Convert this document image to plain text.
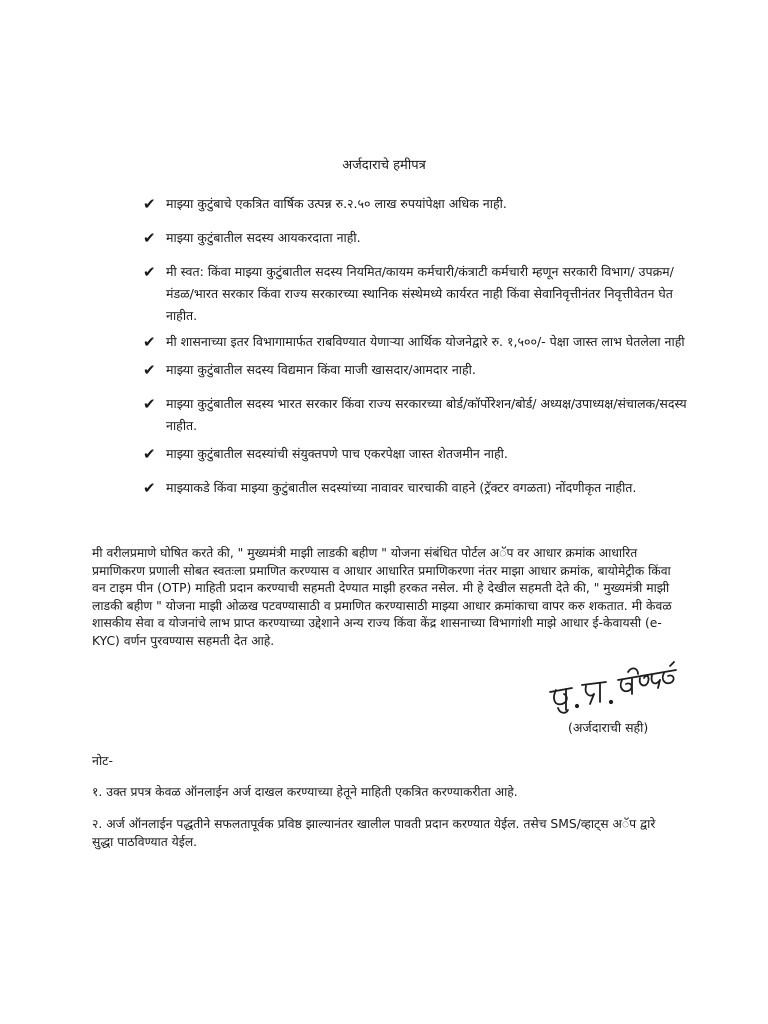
अर्जदाराचे हमीपत्र
✔ माझ्या कुटुंबाचे एकत्रित वार्षिक उत्पन्न रु.२.५० लाख रुपयांपेक्षा अधिक नाही.
✔ माझ्या कुटुंबातील सदस्य आयकरदाता नाही.
✔ मी स्वत: किंवा माझ्या कुटुंबातील सदस्य नियमित/कायम कर्मचारी/कंत्राटी कर्मचारी म्हणून सरकारी विभाग/ उपक्रम/ मंडळ/भारत सरकार किंवा राज्य सरकारच्या स्थानिक संस्थेमध्ये कार्यरत नाही किंवा सेवानिवृत्तीनंतर निवृत्तीवेतन घेत नाहीत.
✔ मी शासनाच्या इतर विभागामार्फत राबविण्यात येणाऱ्या आर्थिक योजनेद्वारे रु. १,५००/- पेक्षा जास्त लाभ घेतलेला नाही
✔ माझ्या कुटुंबातील सदस्य विद्यमान किंवा माजी खासदार/आमदार नाही.
✔ माझ्या कुटुंबातील सदस्य भारत सरकार किंवा राज्य सरकारच्या बोर्ड/कॉर्पोरेशन/बोर्ड/ अध्यक्ष/उपाध्यक्ष/संचालक/सदस्य नाहीत.
✔ माझ्या कुटुंबातील सदस्यांची संयुक्तपणे पाच एकरपेक्षा जास्त शेतजमीन नाही.
✔ माझ्याकडे किंवा माझ्या कुटुंबातील सदस्यांच्या नावावर चारचाकी वाहने (ट्रॅक्टर वगळता) नोंदणीकृत नाहीत.

मी वरीलप्रमाणे घोषित करते की, " मुख्यमंत्री माझी लाडकी बहीण " योजना संबंधित पोर्टल अॅप वर आधार क्रमांक आधारित प्रमाणिकरण प्रणाली सोबत स्वतःला प्रमाणित करण्यास व आधार आधारित प्रमाणिकरणा नंतर माझा आधार क्रमांक, बायोमेट्रीक किंवा वन टाइम पीन (OTP) माहिती प्रदान करण्याची सहमती देण्यात माझी हरकत नसेल. मी हे देखील सहमती देते की, " मुख्यमंत्री माझी लाडकी बहीण " योजना माझी ओळख पटवण्यासाठी व प्रमाणित करण्यासाठी माझ्या आधार क्रमांकाचा वापर करु शकतात. मी केवळ शासकीय सेवा व योजनांचे लाभ प्राप्त करण्याच्या उद्देशाने अन्य राज्य किंवा केंद्र शासनाच्या विभागांशी माझे आधार ई-केवायसी (e-KYC) वर्णन पुरवण्यास सहमती देत आहे.

सु.रा. बोल्हाडे
(अर्जदाराची सही)
नोट-

१. उक्त प्रपत्र केवळ ऑनलाईन अर्ज दाखल करण्याच्या हेतूने माहिती एकत्रित करण्याकरीता आहे.

२. अर्ज ऑनलाईन पद्धतीने सफलतापूर्वक प्रविष्ठ झाल्यानंतर खालील पावती प्रदान करण्यात येईल. तसेच SMS/व्हाट्स अॅप द्वारे सुद्धा पाठविण्यात येईल.
